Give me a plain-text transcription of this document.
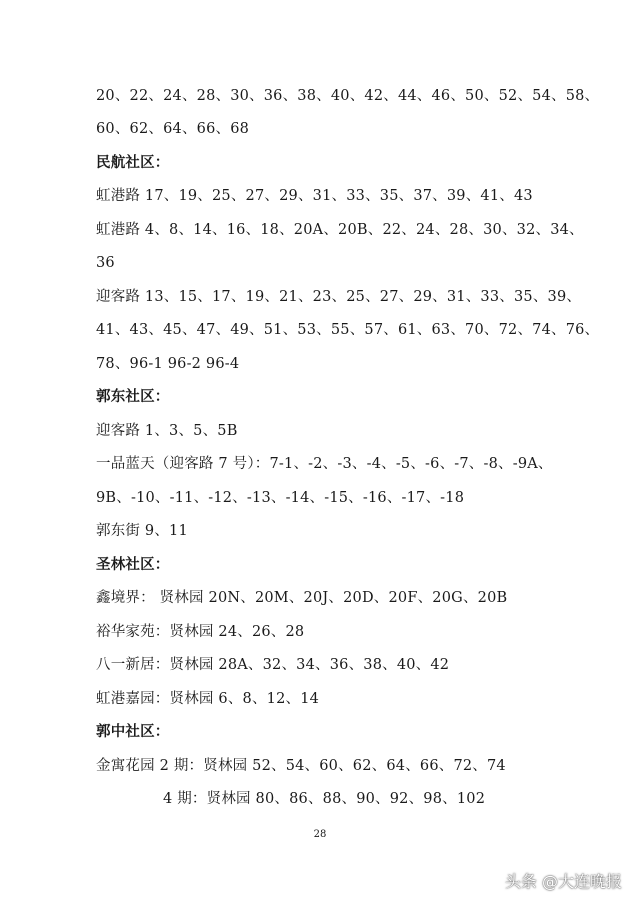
20、22、24、28、30、36、38、40、42、44、46、50、52、54、58、
60、62、64、66、68
民航社区：
虹港路 17、19、25、27、29、31、33、35、37、39、41、43
虹港路 4、8、14、16、18、20A、20B、22、24、28、30、32、34、
36
迎客路 13、15、17、19、21、23、25、27、29、31、33、35、39、
41、43、45、47、49、51、53、55、57、61、63、70、72、74、76、
78、96-1 96-2 96-4
郭东社区：
迎客路 1、3、5、5B
一品蓝天（迎客路 7 号）：7-1、-2、-3、-4、-5、-6、-7、-8、-9A、
9B、-10、-11、-12、-13、-14、-15、-16、-17、-18
郭东街 9、11
圣林社区：
鑫境界： 贤林园 20N、20M、20J、20D、20F、20G、20B
裕华家苑：贤林园 24、26、28
八一新居：贤林园 28A、32、34、36、38、40、42
虹港嘉园：贤林园 6、8、12、14
郭中社区：
金寓花园 2 期：贤林园 52、54、60、62、64、66、72、74
4 期：贤林园 80、86、88、90、92、98、102
28
头条 @大连晚报
